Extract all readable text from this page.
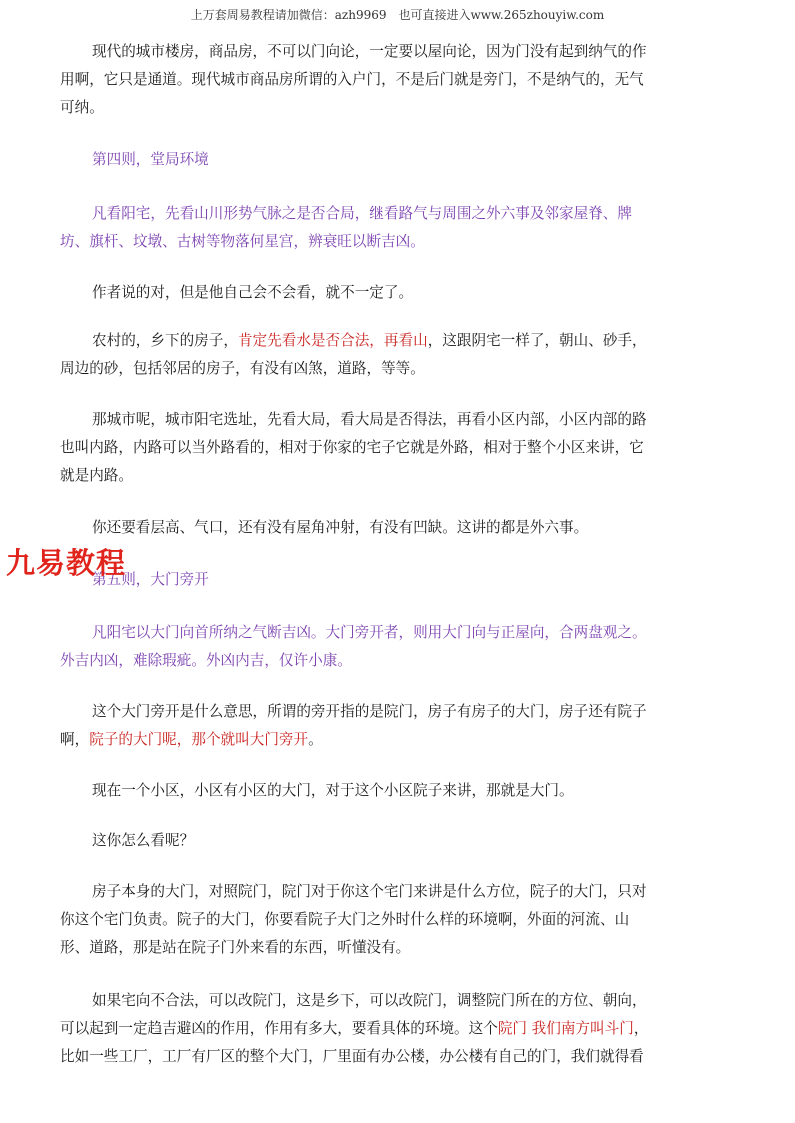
上万套周易教程请加微信：azh9969　也可直接进入www.265zhouyiw.com
现代的城市楼房，商品房，不可以门向论，一定要以屋向论，因为门没有起到纳气的作
用啊，它只是通道。现代城市商品房所谓的入户门，不是后门就是旁门，不是纳气的，无气
可纳。
第四则，堂局环境
凡看阳宅，先看山川形势气脉之是否合局，继看路气与周围之外六事及邻家屋脊、牌
坊、旗杆、坟墩、古树等物落何星宫，辨衰旺以断吉凶。
作者说的对，但是他自己会不会看，就不一定了。
农村的，乡下的房子，肯定先看水是否合法，再看山，这跟阴宅一样了，朝山、砂手，
周边的砂，包括邻居的房子，有没有凶煞，道路，等等。
那城市呢，城市阳宅选址，先看大局，看大局是否得法，再看小区内部，小区内部的路
也叫内路，内路可以当外路看的，相对于你家的宅子它就是外路，相对于整个小区来讲，它
就是内路。
你还要看层高、气口，还有没有屋角冲射，有没有凹缺。这讲的都是外六事。
第五则，大门旁开
凡阳宅以大门向首所纳之气断吉凶。大门旁开者，则用大门向与正屋向，合两盘观之。
外吉内凶，难除瑕疵。外凶内吉，仅许小康。
这个大门旁开是什么意思，所谓的旁开指的是院门，房子有房子的大门，房子还有院子
啊，院子的大门呢，那个就叫大门旁开。
现在一个小区，小区有小区的大门，对于这个小区院子来讲，那就是大门。
这你怎么看呢？
房子本身的大门，对照院门，院门对于你这个宅门来讲是什么方位，院子的大门，只对
你这个宅门负责。院子的大门，你要看院子大门之外时什么样的环境啊，外面的河流、山
形、道路，那是站在院子门外来看的东西，听懂没有。
如果宅向不合法，可以改院门，这是乡下，可以改院门，调整院门所在的方位、朝向，
可以起到一定趋吉避凶的作用，作用有多大，要看具体的环境。这个院门 我们南方叫斗门，
比如一些工厂，工厂有厂区的整个大门，厂里面有办公楼，办公楼有自己的门，我们就得看
九易教程
